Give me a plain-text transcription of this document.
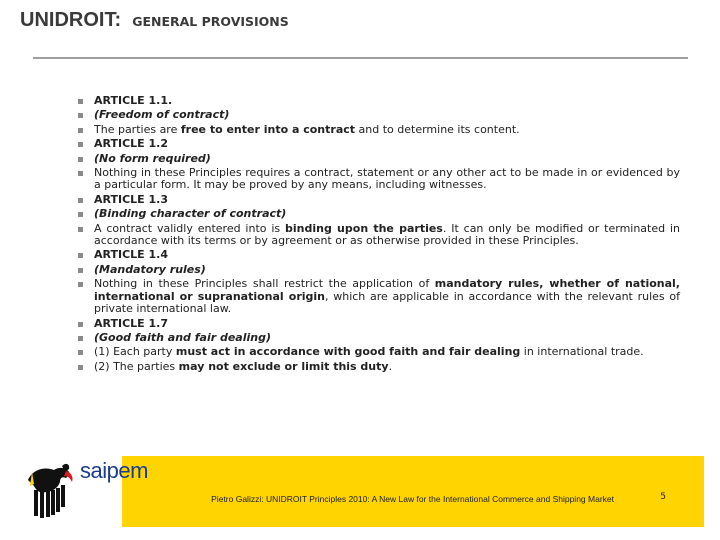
UNIDROIT: GENERAL PROVISIONS
ARTICLE 1.1.
(Freedom of contract)
The parties are free to enter into a contract and to determine its content.
ARTICLE 1.2
(No form required)
Nothing in these Principles requires a contract, statement or any other act to be made in or evidenced by a particular form. It may be proved by any means, including witnesses.
ARTICLE 1.3
(Binding character of contract)
A contract validly entered into is binding upon the parties. It can only be modified or terminated in accordance with its terms or by agreement or as otherwise provided in these Principles.
ARTICLE 1.4
(Mandatory rules)
Nothing in these Principles shall restrict the application of mandatory rules, whether of national, international or supranational origin, which are applicable in accordance with the relevant rules of private international law.
ARTICLE 1.7
(Good faith and fair dealing)
(1) Each party must act in accordance with good faith and fair dealing in international trade.
(2) The parties may not exclude or limit this duty.
Pietro Galizzi: UNIDROIT Principles 2010: A New Law for the International Commerce and Shipping Market	5
saipem
